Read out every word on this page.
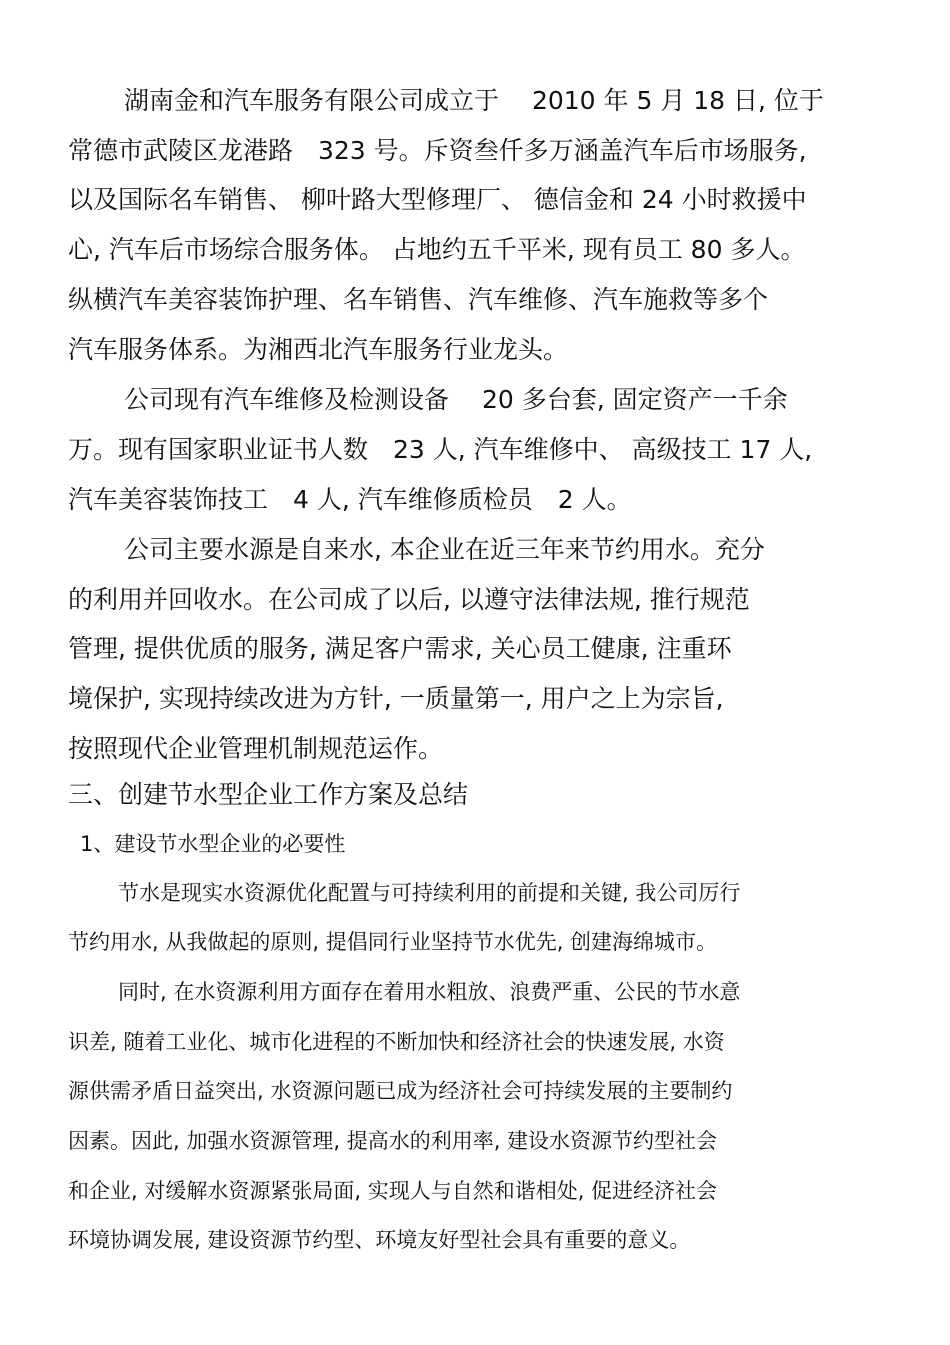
湖南金和汽车服务有限公司成立于　 2010 年 5 月 18 日, 位于
常德市武陵区龙港路　323 号。斥资叁仟多万涵盖汽车后市场服务,
以及国际名车销售、 柳叶路大型修理厂、 德信金和 24 小时救援中
心, 汽车后市场综合服务体。 占地约五千平米, 现有员工 80 多人。
纵横汽车美容装饰护理、名车销售、汽车维修、汽车施救等多个
汽车服务体系。为湘西北汽车服务行业龙头。
公司现有汽车维修及检测设备　 20 多台套, 固定资产一千余
万。现有国家职业证书人数　23 人, 汽车维修中、 高级技工 17 人,
汽车美容装饰技工　4 人, 汽车维修质检员　2 人。
公司主要水源是自来水, 本企业在近三年来节约用水。充分
的利用并回收水。在公司成了以后, 以遵守法律法规, 推行规范
管理, 提供优质的服务, 满足客户需求, 关心员工健康, 注重环
境保护, 实现持续改进为方针, 一质量第一, 用户之上为宗旨,
按照现代企业管理机制规范运作。
三、创建节水型企业工作方案及总结
1、建设节水型企业的必要性
节水是现实水资源优化配置与可持续利用的前提和关键, 我公司厉行
节约用水, 从我做起的原则, 提倡同行业坚持节水优先, 创建海绵城市。
同时, 在水资源利用方面存在着用水粗放、浪费严重、公民的节水意
识差, 随着工业化、城市化进程的不断加快和经济社会的快速发展, 水资
源供需矛盾日益突出, 水资源问题已成为经济社会可持续发展的主要制约
因素。因此, 加强水资源管理, 提高水的利用率, 建设水资源节约型社会
和企业, 对缓解水资源紧张局面, 实现人与自然和谐相处, 促进经济社会
环境协调发展, 建设资源节约型、环境友好型社会具有重要的意义。
